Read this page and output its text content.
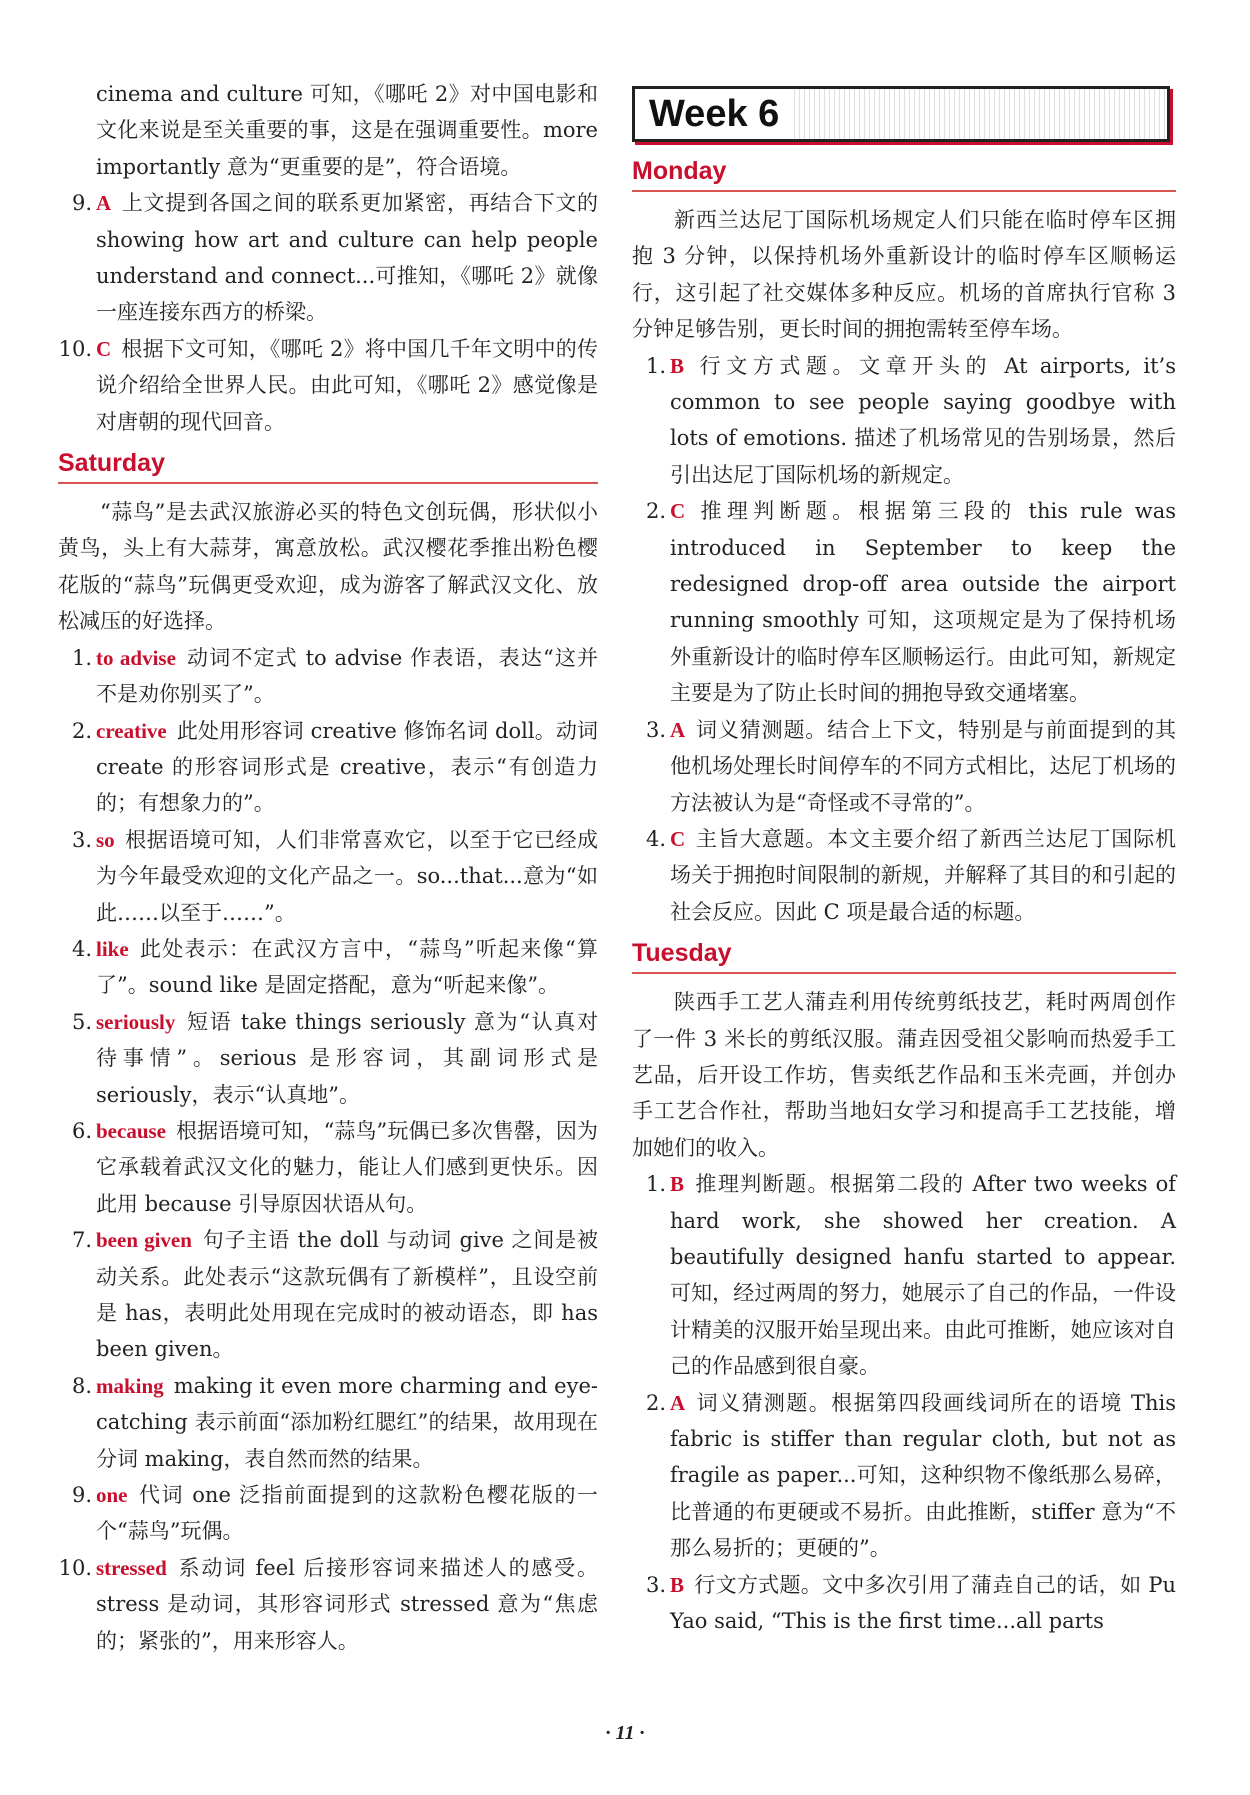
cinema and culture 可知，《哪吒 2》对中国电影和文化来说是至关重要的事，这是在强调重要性。more importantly 意为“更重要的是”，符合语境。

9. A 上文提到各国之间的联系更加紧密，再结合下文的 showing how art and culture can help people understand and connect...可推知，《哪吒 2》就像一座连接东西方的桥梁。
10. C 根据下文可知，《哪吒 2》将中国几千年文明中的传说介绍给全世界人民。由此可知，《哪吒 2》感觉像是对唐朝的现代回音。
Saturday

“蒜鸟”是去武汉旅游必买的特色文创玩偶，形状似小黄鸟，头上有大蒜芽，寓意放松。武汉樱花季推出粉色樱花版的“蒜鸟”玩偶更受欢迎，成为游客了解武汉文化、放松减压的好选择。

1. to advise 动词不定式 to advise 作表语，表达“这并不是劝你别买了”。
2. creative 此处用形容词 creative 修饰名词 doll。动词 create 的形容词形式是 creative，表示“有创造力的；有想象力的”。
3. so 根据语境可知，人们非常喜欢它，以至于它已经成为今年最受欢迎的文化产品之一。so...that...意为“如此……以至于……”。
4. like 此处表示：在武汉方言中，“蒜鸟”听起来像“算了”。sound like 是固定搭配，意为“听起来像”。
5. seriously 短语 take things seriously 意为“认真对待事情”。serious 是形容词，其副词形式是 seriously，表示“认真地”。
6. because 根据语境可知，“蒜鸟”玩偶已多次售罄，因为它承载着武汉文化的魅力，能让人们感到更快乐。因此用 because 引导原因状语从句。
7. been given 句子主语 the doll 与动词 give 之间是被动关系。此处表示“这款玩偶有了新模样”，且设空前是 has，表明此处用现在完成时的被动语态，即 has been given。
8. making making it even more charming and eye-catching 表示前面“添加粉红腮红”的结果，故用现在分词 making，表自然而然的结果。
9. one 代词 one 泛指前面提到的这款粉色樱花版的一个“蒜鸟”玩偶。
10. stressed 系动词 feel 后接形容词来描述人的感受。stress 是动词，其形容词形式 stressed 意为“焦虑的；紧张的”，用来形容人。
Week 6
Monday

新西兰达尼丁国际机场规定人们只能在临时停车区拥抱 3 分钟，以保持机场外重新设计的临时停车区顺畅运行，这引起了社交媒体多种反应。机场的首席执行官称 3 分钟足够告别，更长时间的拥抱需转至停车场。

1. B 行文方式题。文章开头的 At airports, it’s common to see people saying goodbye with lots of emotions. 描述了机场常见的告别场景，然后引出达尼丁国际机场的新规定。
2. C 推理判断题。根据第三段的 this rule was introduced in September to keep the redesigned drop-off area outside the airport running smoothly 可知，这项规定是为了保持机场外重新设计的临时停车区顺畅运行。由此可知，新规定主要是为了防止长时间的拥抱导致交通堵塞。
3. A 词义猜测题。结合上下文，特别是与前面提到的其他机场处理长时间停车的不同方式相比，达尼丁机场的方法被认为是“奇怪或不寻常的”。
4. C 主旨大意题。本文主要介绍了新西兰达尼丁国际机场关于拥抱时间限制的新规，并解释了其目的和引起的社会反应。因此 C 项是最合适的标题。
Tuesday

陕西手工艺人蒲垚利用传统剪纸技艺，耗时两周创作了一件 3 米长的剪纸汉服。蒲垚因受祖父影响而热爱手工艺品，后开设工作坊，售卖纸艺作品和玉米壳画，并创办手工艺合作社，帮助当地妇女学习和提高手工艺技能，增加她们的收入。

1. B 推理判断题。根据第二段的 After two weeks of hard work, she showed her creation. A beautifully designed hanfu started to appear. 可知，经过两周的努力，她展示了自己的作品，一件设计精美的汉服开始呈现出来。由此可推断，她应该对自己的作品感到很自豪。
2. A 词义猜测题。根据第四段画线词所在的语境 This fabric is stiffer than regular cloth, but not as fragile as paper...可知，这种织物不像纸那么易碎，比普通的布更硬或不易折。由此推断，stiffer 意为“不那么易折的；更硬的”。
3. B 行文方式题。文中多次引用了蒲垚自己的话，如 Pu Yao said, “This is the first time...all parts
· 11 ·
